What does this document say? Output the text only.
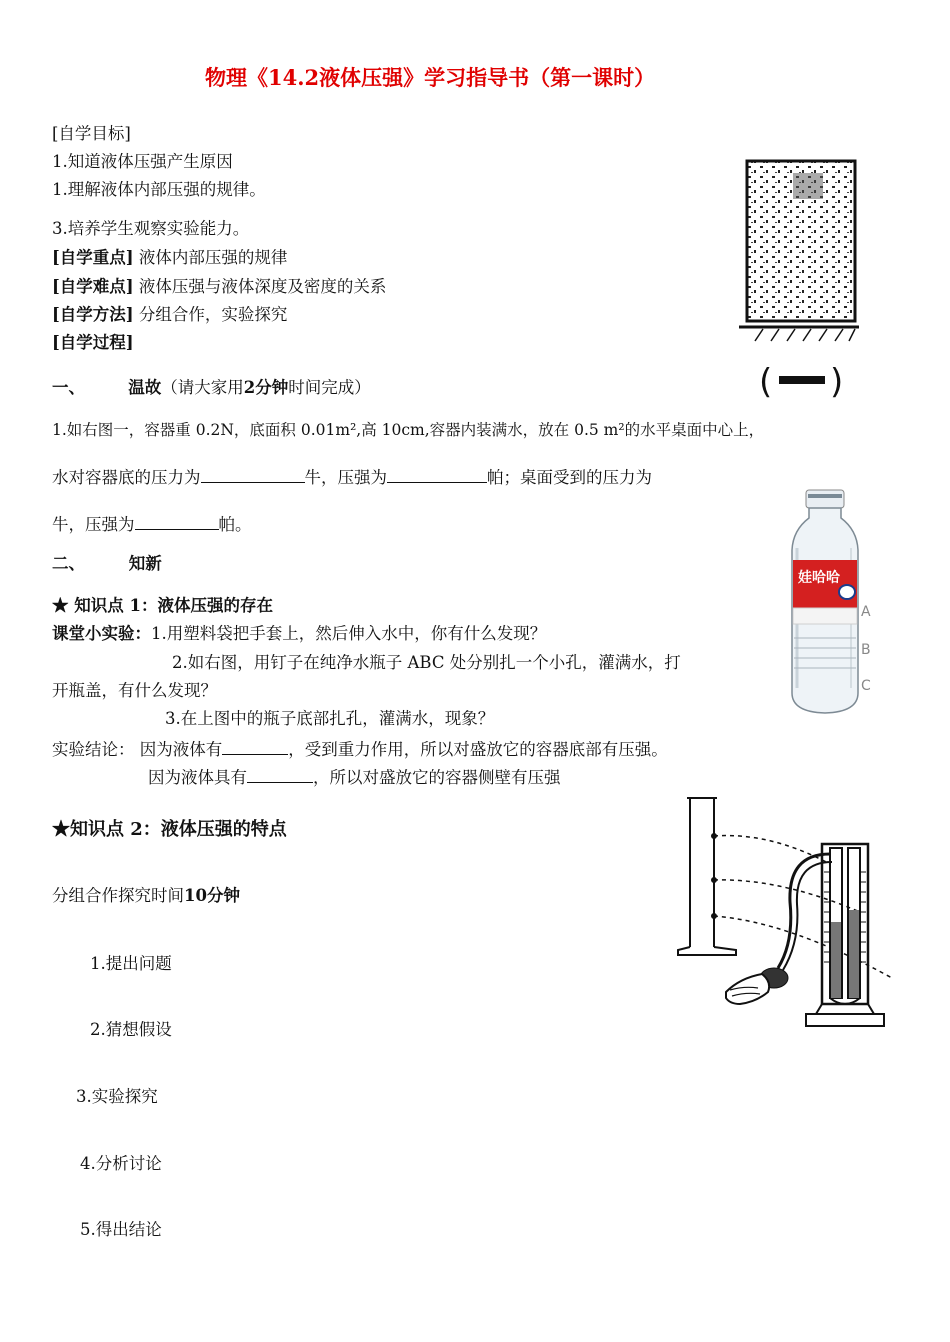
物理《14.2液体压强》学习指导书（第一课时）
[自学目标]
1.知道液体压强产生原因
1.理解液体内部压强的规律。
3.培养学生观察实验能力。
[自学重点] 液体内部压强的规律
[自学难点] 液体压强与液体深度及密度的关系
[自学方法] 分组合作，实验探究
[自学过程]
一、	温故（请大家用2分钟时间完成）
1.如右图一，容器重 0.2N，底面积 0.01m²,高 10cm,容器内装满水，放在 0.5 m²的水平桌面中心上，
水对容器底的压力为	牛，压强为	帕；桌面受到的压力为
牛，压强为	帕。
二、	知新
★ 知识点 1：液体压强的存在
课堂小实验：1.用塑料袋把手套上，然后伸入水中，你有什么发现？
2.如右图，用钉子在纯净水瓶子 ABC 处分别扎一个小孔，灌满水，打
开瓶盖，有什么发现？
3.在上图中的瓶子底部扎孔，灌满水，现象？
实验结论： 因为液体有	，受到重力作用，所以对盛放它的容器底部有压强。
因为液体具有	，所以对盛放它的容器侧壁有压强
★知识点 2：液体压强的特点
分组合作探究时间10分钟
1.提出问题
2.猜想假设
3.实验探究
4.分析讨论
5.得出结论
( )
娃哈哈
A
B
C
